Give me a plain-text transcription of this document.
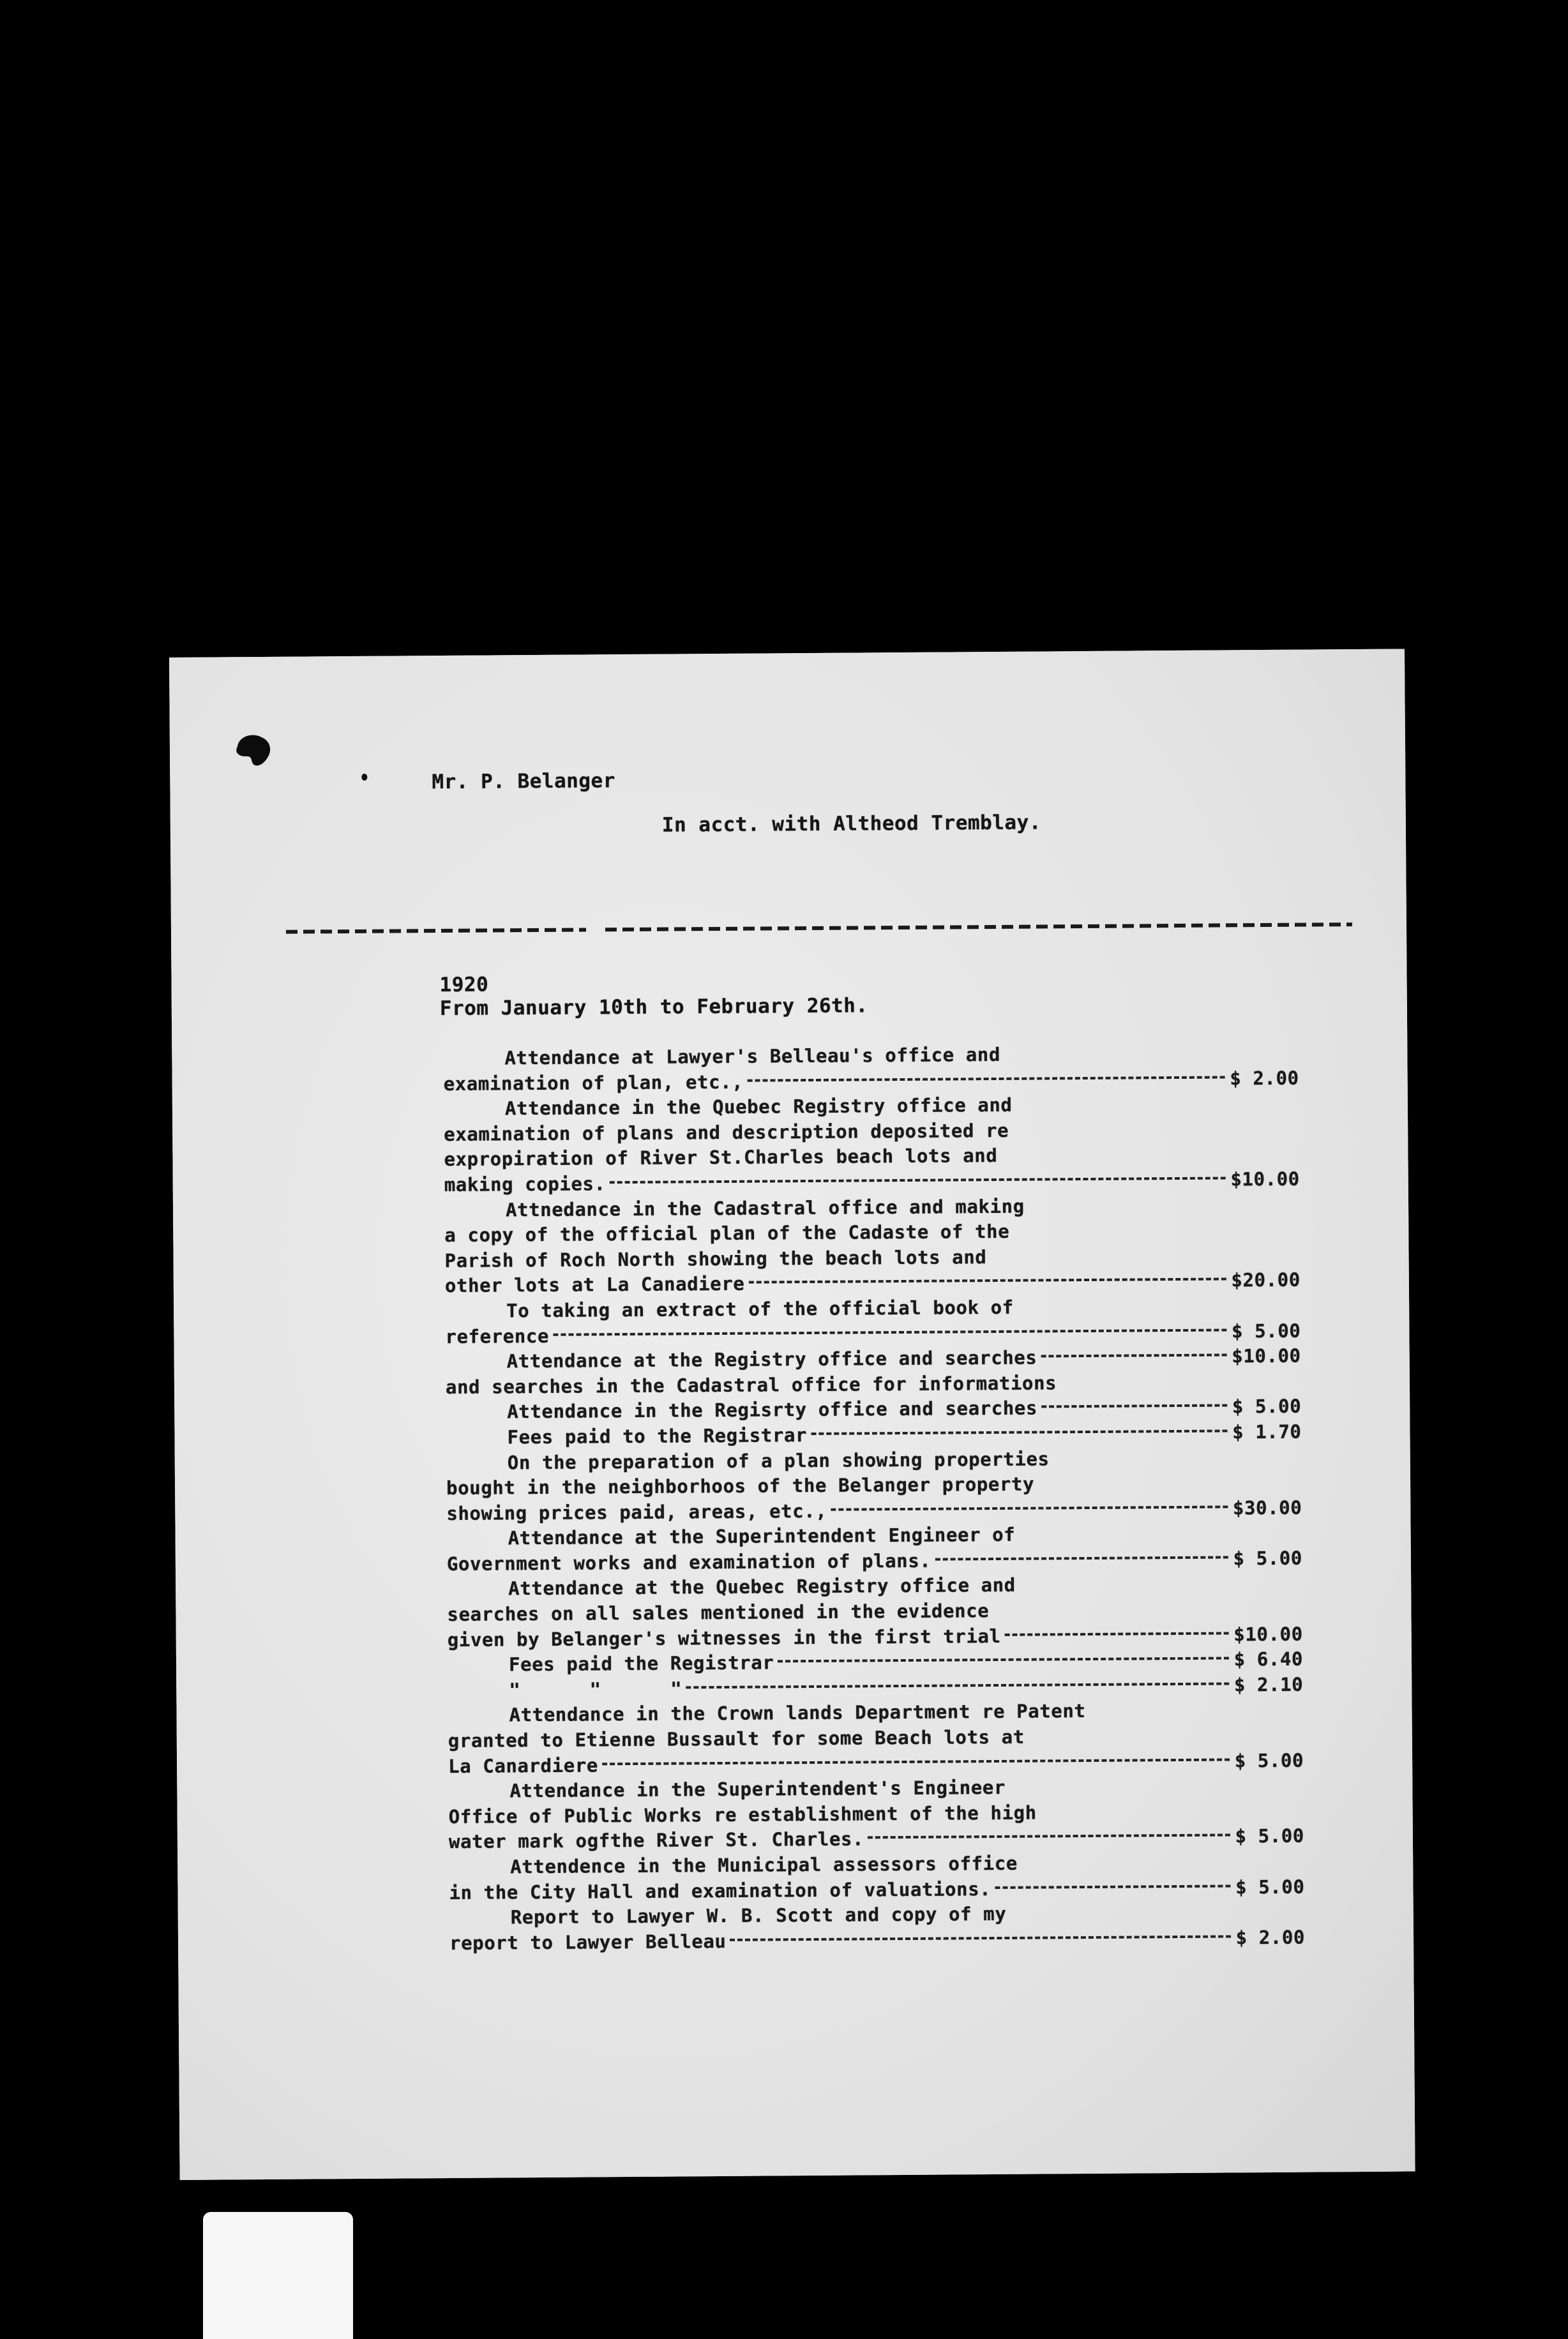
Mr. P. Belanger
In acct. with Altheod Tremblay.
1920
From January 10th to February 26th.
Attendance at Lawyer's Belleau's office and
examination of plan, etc.,	$ 2.00
Attendance in the Quebec Registry office and
examination of plans and description deposited re
expropiration of River St.Charles beach lots and
making copies.	$10.00
Attnedance in the Cadastral office and making
a copy of the official plan of the Cadaste of the
Parish of Roch North showing the beach lots and
other lots at La Canadiere	$20.00
To taking an extract of the official book of
reference	$ 5.00
Attendance at the Registry office and searches	$10.00
and searches in the Cadastral office for informations
Attendance in the Regisrty office and searches	$ 5.00
Fees paid to the Registrar	$ 1.70
On the preparation of a plan showing properties
bought in the neighborhoos of the Belanger property
showing prices paid, areas, etc.,	$30.00
Attendance at the Superintendent Engineer of
Government works and examination of plans.	$ 5.00
Attendance at the Quebec Registry office and
searches on all sales mentioned in the evidence
given by Belanger's witnesses in the first trial	$10.00
Fees paid the Registrar	$ 6.40
"      "      "	$ 2.10
Attendance in the Crown lands Department re Patent
granted to Etienne Bussault for some Beach lots at
La Canardiere	$ 5.00
Attendance in the Superintendent's Engineer
Office of Public Works re establishment of the high
water mark ogfthe River St. Charles.	$ 5.00
Attendence in the Municipal assessors office
in the City Hall and examination of valuations.	$ 5.00
Report to Lawyer W. B. Scott and copy of my
report to Lawyer Belleau	$ 2.00
